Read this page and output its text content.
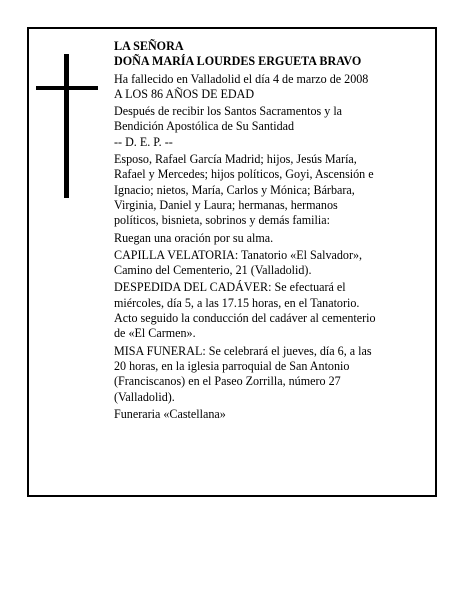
LA SEÑORA
DOÑA MARÍA LOURDES ERGUETA BRAVO
Ha fallecido en Valladolid el día 4 de marzo de 2008
A LOS 86 AÑOS DE EDAD
Después de recibir los Santos Sacramentos y la
Bendición Apostólica de Su Santidad
-- D. E. P. --
Esposo, Rafael García Madrid; hijos, Jesús María,
Rafael y Mercedes; hijos políticos, Goyi, Ascensión e
Ignacio; nietos, María, Carlos y Mónica; Bárbara,
Virginia, Daniel y Laura; hermanas, hermanos
políticos, bisnieta, sobrinos y demás familia:
Ruegan una oración por su alma.
CAPILLA VELATORIA: Tanatorio «El Salvador»,
Camino del Cementerio, 21 (Valladolid).
DESPEDIDA DEL CADÁVER: Se efectuará el
miércoles, día 5, a las 17.15 horas, en el Tanatorio.
Acto seguido la conducción del cadáver al cementerio
de «El Carmen».
MISA FUNERAL: Se celebrará el jueves, día 6, a las
20 horas, en la iglesia parroquial de San Antonio
(Franciscanos) en el Paseo Zorrilla, número 27
(Valladolid).
Funeraria «Castellana»
